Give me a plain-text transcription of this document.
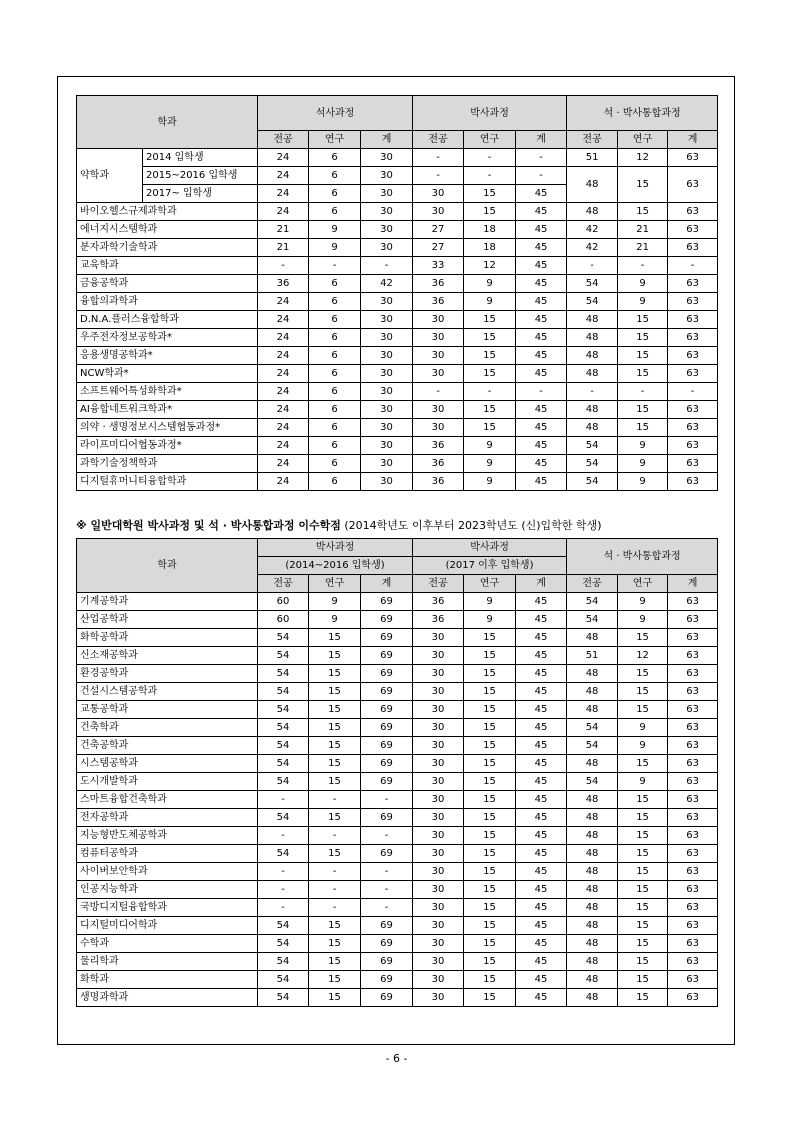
학과		석사과정			박사과정			석 · 박사통합과정		
		전공	연구	계	전공	연구	계	전공	연구	계
약학과	2014 입학생	24	6	30	-	-	-	51	12	63
	2015~2016 입학생	24	6	30	-	-	-	48	15	63
	2017~ 입학생	24	6	30	30	15	45			
바이오헬스규제과학과		24	6	30	30	15	45	48	15	63
에너지시스템학과		21	9	30	27	18	45	42	21	63
분자과학기술학과		21	9	30	27	18	45	42	21	63
교육학과		-	-	-	33	12	45	-	-	-
금융공학과		36	6	42	36	9	45	54	9	63
융합의과학과		24	6	30	36	9	45	54	9	63
D.N.A.플러스융합학과		24	6	30	30	15	45	48	15	63
우주전자정보공학과*		24	6	30	30	15	45	48	15	63
응용생명공학과*		24	6	30	30	15	45	48	15	63
NCW학과*		24	6	30	30	15	45	48	15	63
소프트웨어특성화학과*		24	6	30	-	-	-	-	-	-
AI융합네트워크학과*		24	6	30	30	15	45	48	15	63
의약 · 생명정보시스템협동과정*		24	6	30	30	15	45	48	15	63
라이프미디어협동과정*		24	6	30	36	9	45	54	9	63
과학기술정책학과		24	6	30	36	9	45	54	9	63
디지털휴머니티융합학과		24	6	30	36	9	45	54	9	63
※ 일반대학원 박사과정 및 석 · 박사통합과정 이수학점 (2014학년도 이후부터 2023학년도 (신)입학한 학생)
학과	박사과정			박사과정			석 · 박사통합과정		
	(2014~2016 입학생)			(2017 이후 입학생)					
	전공	연구	계	전공	연구	계	전공	연구	계
기계공학과	60	9	69	36	9	45	54	9	63
산업공학과	60	9	69	36	9	45	54	9	63
화학공학과	54	15	69	30	15	45	48	15	63
신소재공학과	54	15	69	30	15	45	51	12	63
환경공학과	54	15	69	30	15	45	48	15	63
건설시스템공학과	54	15	69	30	15	45	48	15	63
교통공학과	54	15	69	30	15	45	48	15	63
건축학과	54	15	69	30	15	45	54	9	63
건축공학과	54	15	69	30	15	45	54	9	63
시스템공학과	54	15	69	30	15	45	48	15	63
도시개발학과	54	15	69	30	15	45	54	9	63
스마트융합건축학과	-	-	-	30	15	45	48	15	63
전자공학과	54	15	69	30	15	45	48	15	63
지능형반도체공학과	-	-	-	30	15	45	48	15	63
컴퓨터공학과	54	15	69	30	15	45	48	15	63
사이버보안학과	-	-	-	30	15	45	48	15	63
인공지능학과	-	-	-	30	15	45	48	15	63
국방디지털융합학과	-	-	-	30	15	45	48	15	63
디지털미디어학과	54	15	69	30	15	45	48	15	63
수학과	54	15	69	30	15	45	48	15	63
물리학과	54	15	69	30	15	45	48	15	63
화학과	54	15	69	30	15	45	48	15	63
생명과학과	54	15	69	30	15	45	48	15	63
- 6 -
